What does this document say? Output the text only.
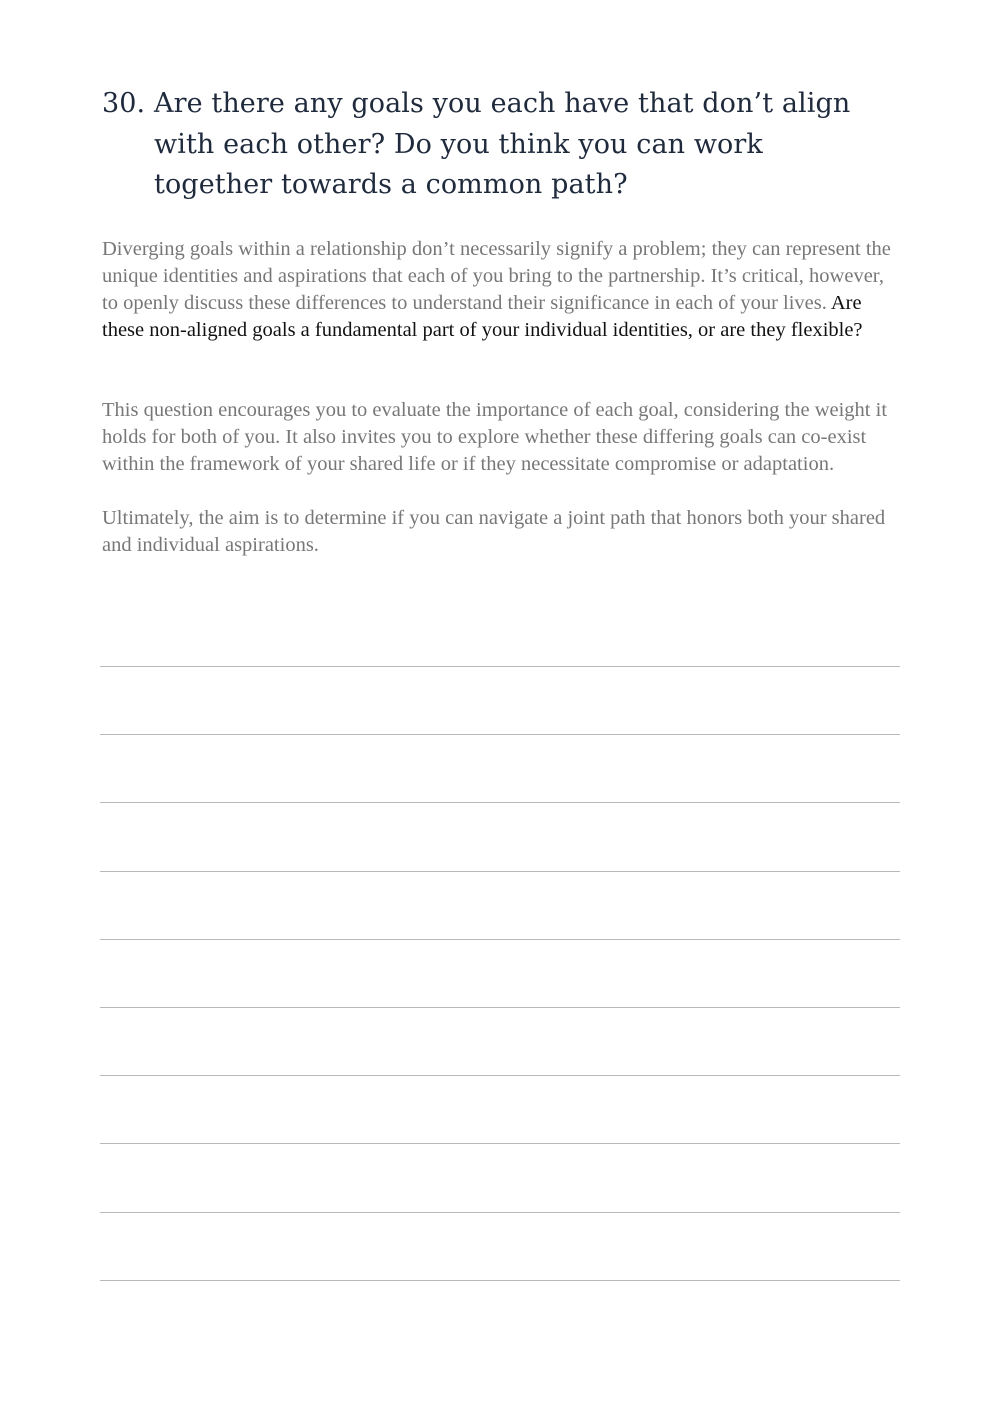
30. Are there any goals you each have that don’t align with each other? Do you think you can work together towards a common path?

Diverging goals within a relationship don’t necessarily signify a problem; they can represent the unique identities and aspirations that each of you bring to the partnership. It’s critical, however, to openly discuss these differences to understand their significance in each of your lives. Are these non-aligned goals a fundamental part of your individual identities, or are they flexible?

This question encourages you to evaluate the importance of each goal, considering the weight it holds for both of you. It also invites you to explore whether these differing goals can co-exist within the framework of your shared life or if they necessitate compromise or adaptation.

Ultimately, the aim is to determine if you can navigate a joint path that honors both your shared and individual aspirations.
